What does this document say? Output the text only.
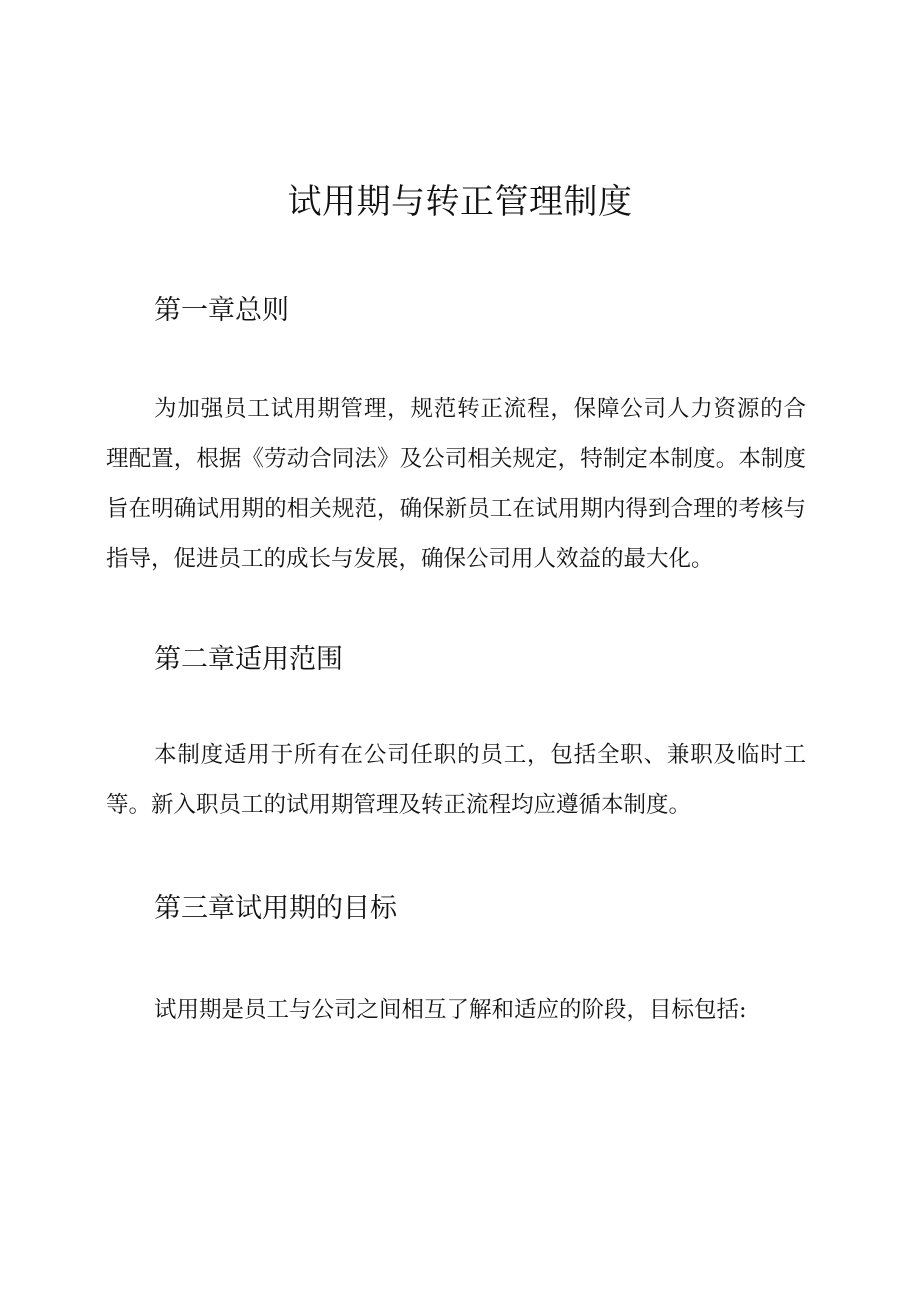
试用期与转正管理制度
第一章总则

为加强员工试用期管理，规范转正流程，保障公司人力资源的合理配置，根据《劳动合同法》及公司相关规定，特制定本制度。本制度旨在明确试用期的相关规范，确保新员工在试用期内得到合理的考核与指导，促进员工的成长与发展，确保公司用人效益的最大化。

第二章适用范围

本制度适用于所有在公司任职的员工，包括全职、兼职及临时工等。新入职员工的试用期管理及转正流程均应遵循本制度。

第三章试用期的目标

试用期是员工与公司之间相互了解和适应的阶段，目标包括:
